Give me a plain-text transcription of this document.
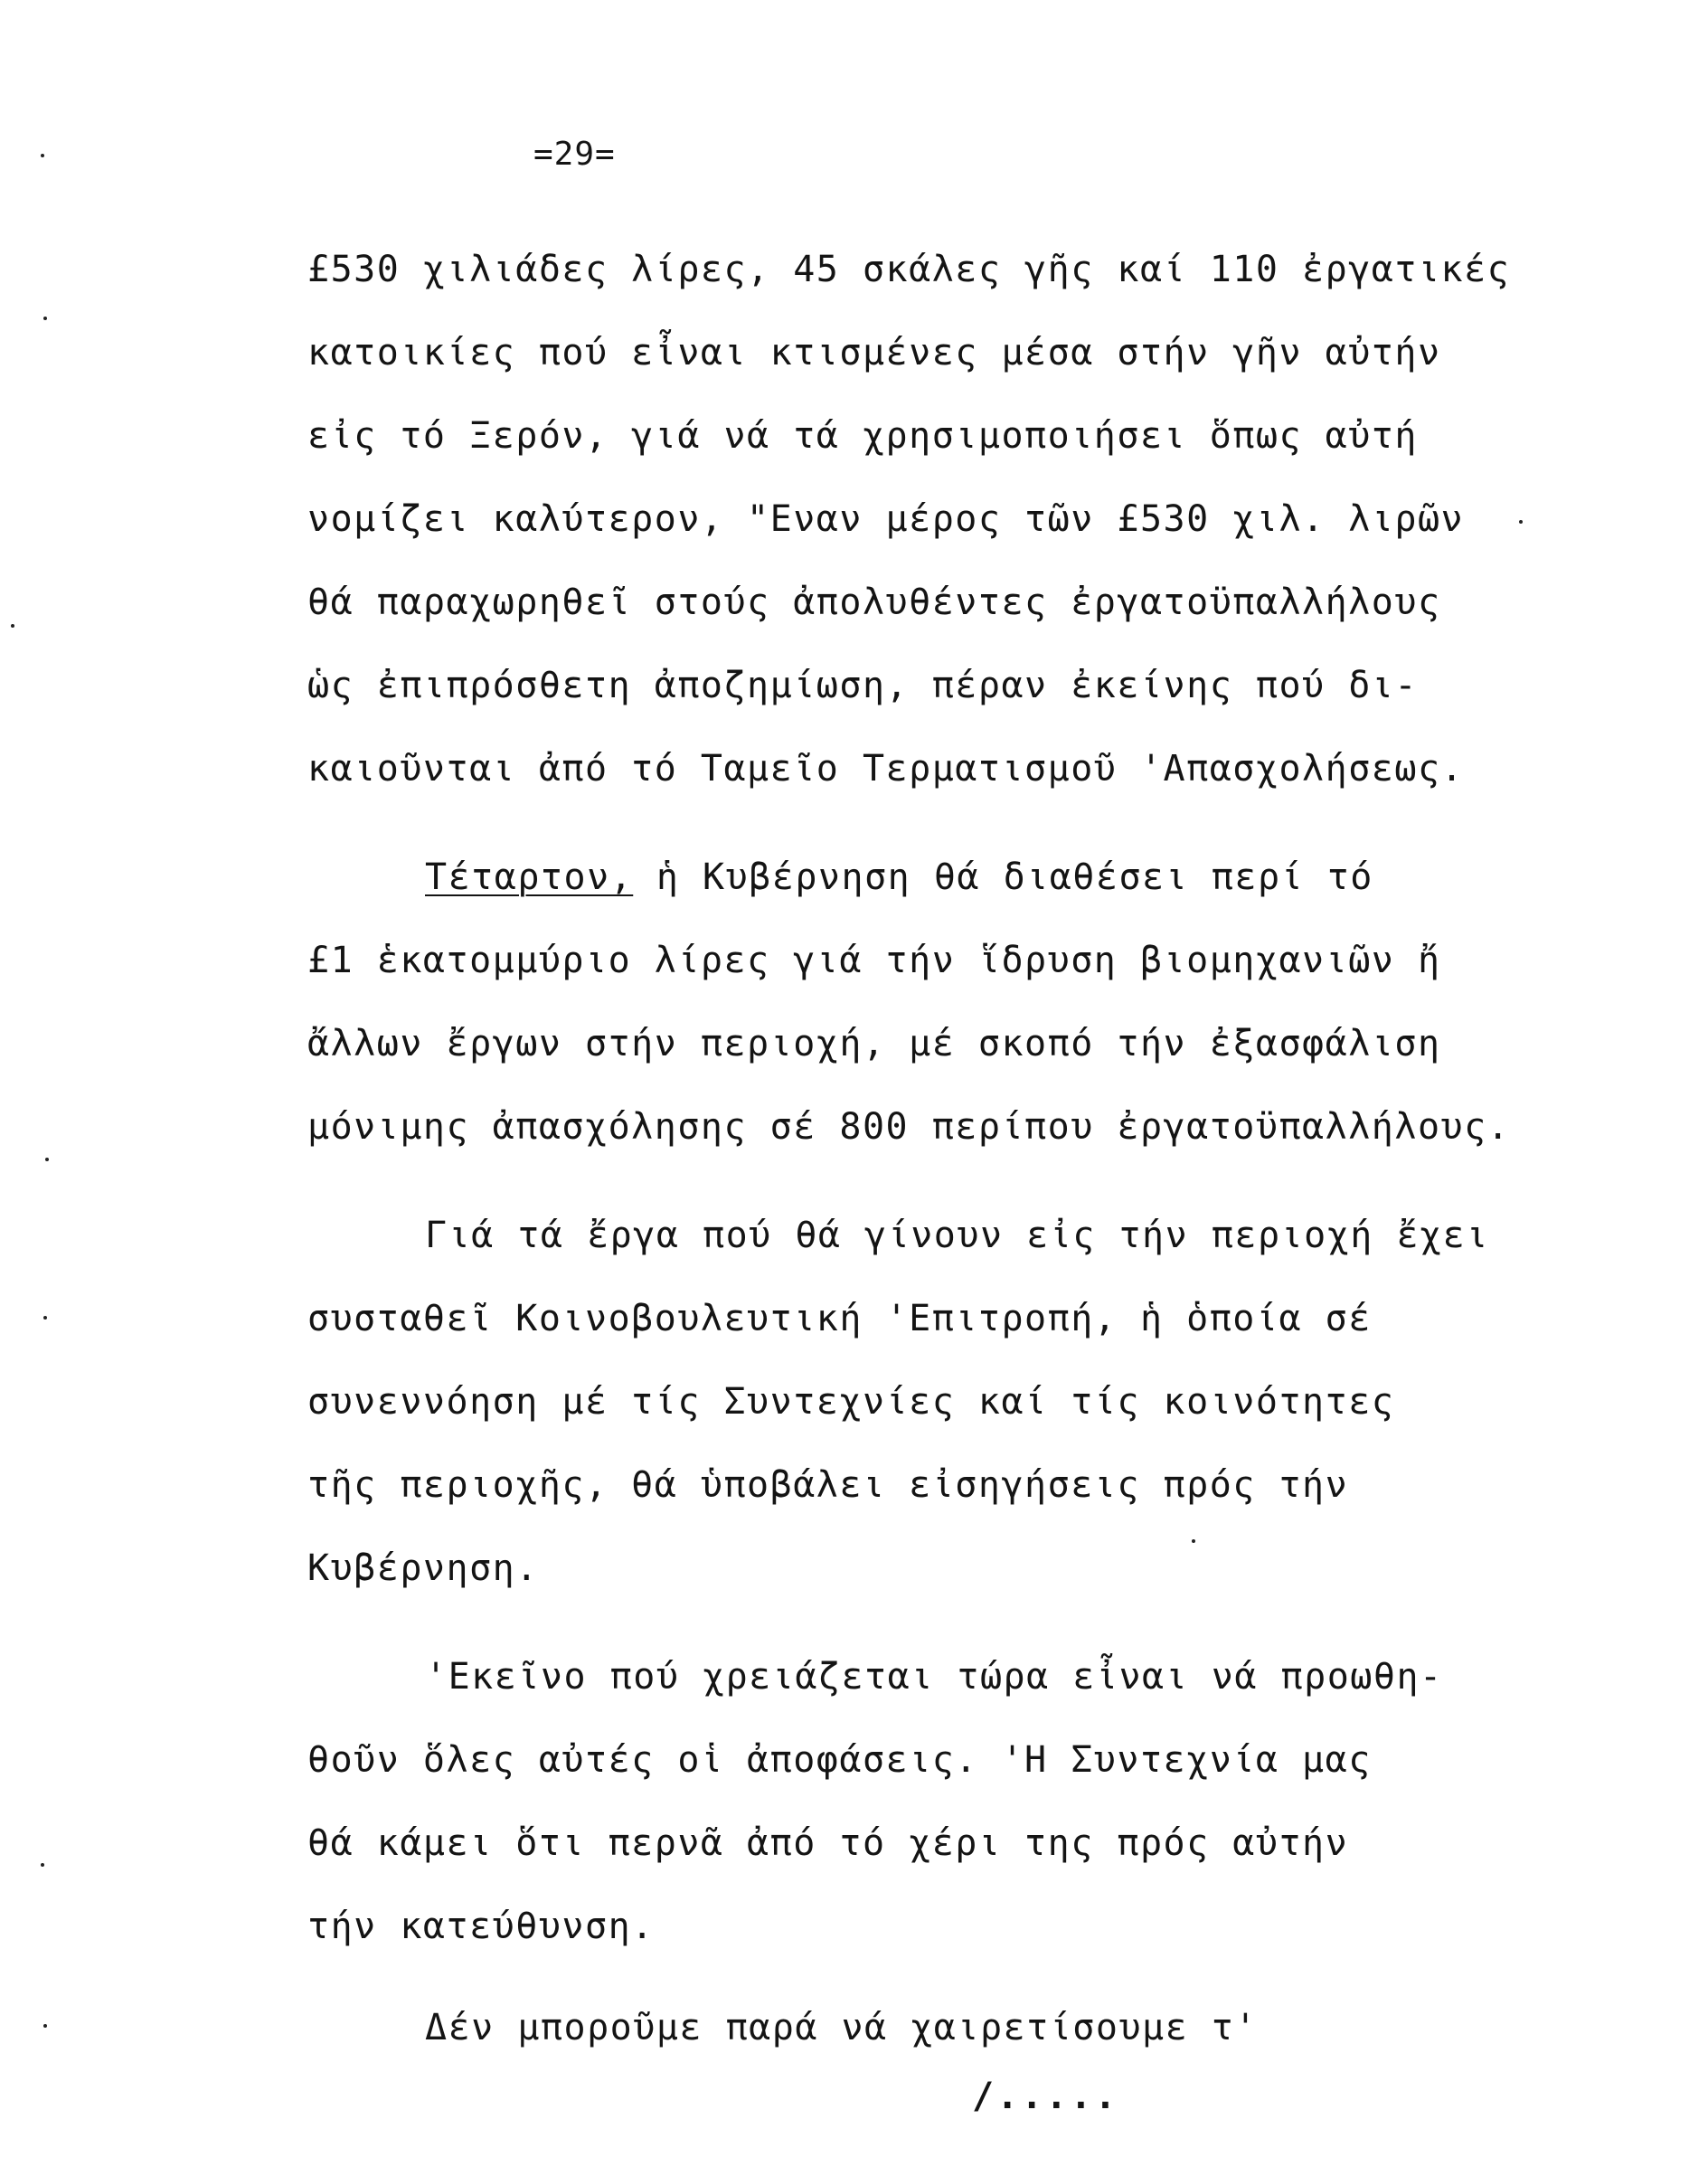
=29=
£530 χιλιάδες λίρες, 45 σκάλες γῆς καί 110 ἐργατικές
κατοικίες πού εἶναι κτισμένες μέσα στήν γῆν αὐτήν
εἰς τό Ξερόν, γιά νά τά χρησιμοποιήσει ὅπως αὐτή
νομίζει καλύτερον, "Εναν μέρος τῶν £530 χιλ. λιρῶν
θά παραχωρηθεῖ στούς ἀπολυθέντες ἐργατοϋπαλλήλους
ὡς ἐπιπρόσθετη ἀποζημίωση, πέραν ἐκείνης πού δι-
καιοῦνται ἀπό τό Ταμεῖο Τερματισμοῦ 'Απασχολήσεως.
Τέταρτον, ἡ Κυβέρνηση θά διαθέσει περί τό
£1 ἑκατομμύριο λίρες γιά τήν ἵδρυση βιομηχανιῶν ἤ
ἄλλων ἔργων στήν περιοχή, μέ σκοπό τήν ἐξασφάλιση
μόνιμης ἀπασχόλησης σέ 800 περίπου ἐργατοϋπαλλήλους.
Γιά τά ἔργα πού θά γίνουν εἰς τήν περιοχή ἔχει
συσταθεῖ Κοινοβουλευτική 'Επιτροπή, ἡ ὁποία σέ
συνεννόηση μέ τίς Συντεχνίες καί τίς κοινότητες
τῆς περιοχῆς, θά ὑποβάλει εἰσηγήσεις πρός τήν
Κυβέρνηση.
'Εκεῖνο πού χρειάζεται τώρα εἶναι νά προωθη-
θοῦν ὅλες αὐτές οἱ ἀποφάσεις. 'Η Συντεχνία μας
θά κάμει ὅτι περνᾶ ἀπό τό χέρι της πρός αὐτήν
τήν κατεύθυνση.
Δέν μποροῦμε παρά νά χαιρετίσουμε τ'
/.....
